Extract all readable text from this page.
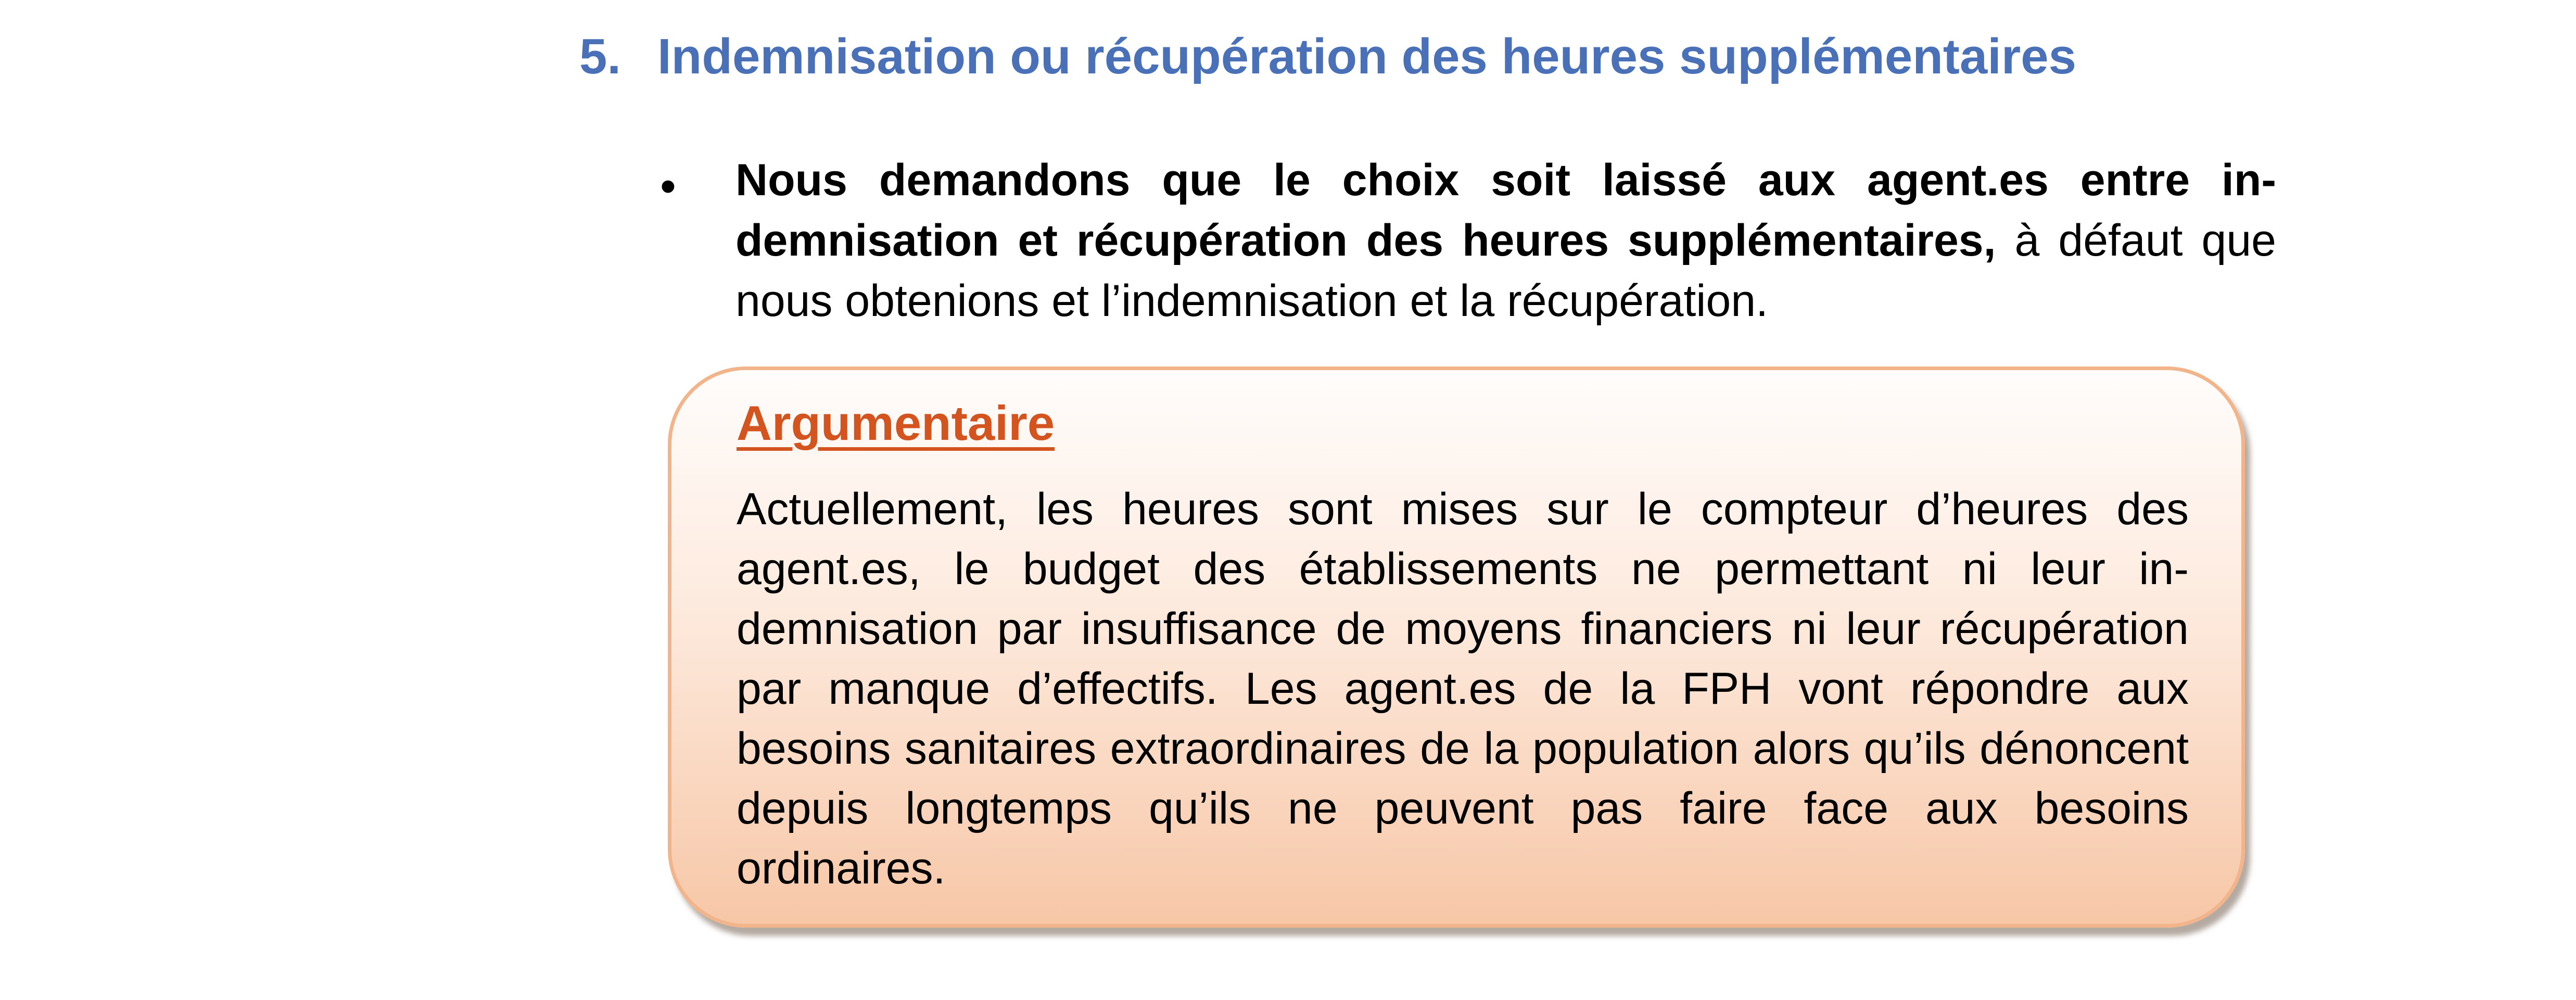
5. Indemnisation ou récupération des heures supplémentaires
• Nous demandons que le choix soit laissé aux agent.es entre indemnisation et récupération des heures supplémentaires, à défaut que nous obtenions et l’indemnisation et la récupération.
Argumentaire
Actuellement, les heures sont mises sur le compteur d’heures des agent.es, le budget des établissements ne permettant ni leur indemnisation par insuffisance de moyens financiers ni leur récupération par manque d’effectifs. Les agent.es de la FPH vont répondre aux besoins sanitaires extraordinaires de la population alors qu’ils dénoncent depuis longtemps qu’ils ne peuvent pas faire face aux besoins ordinaires.
